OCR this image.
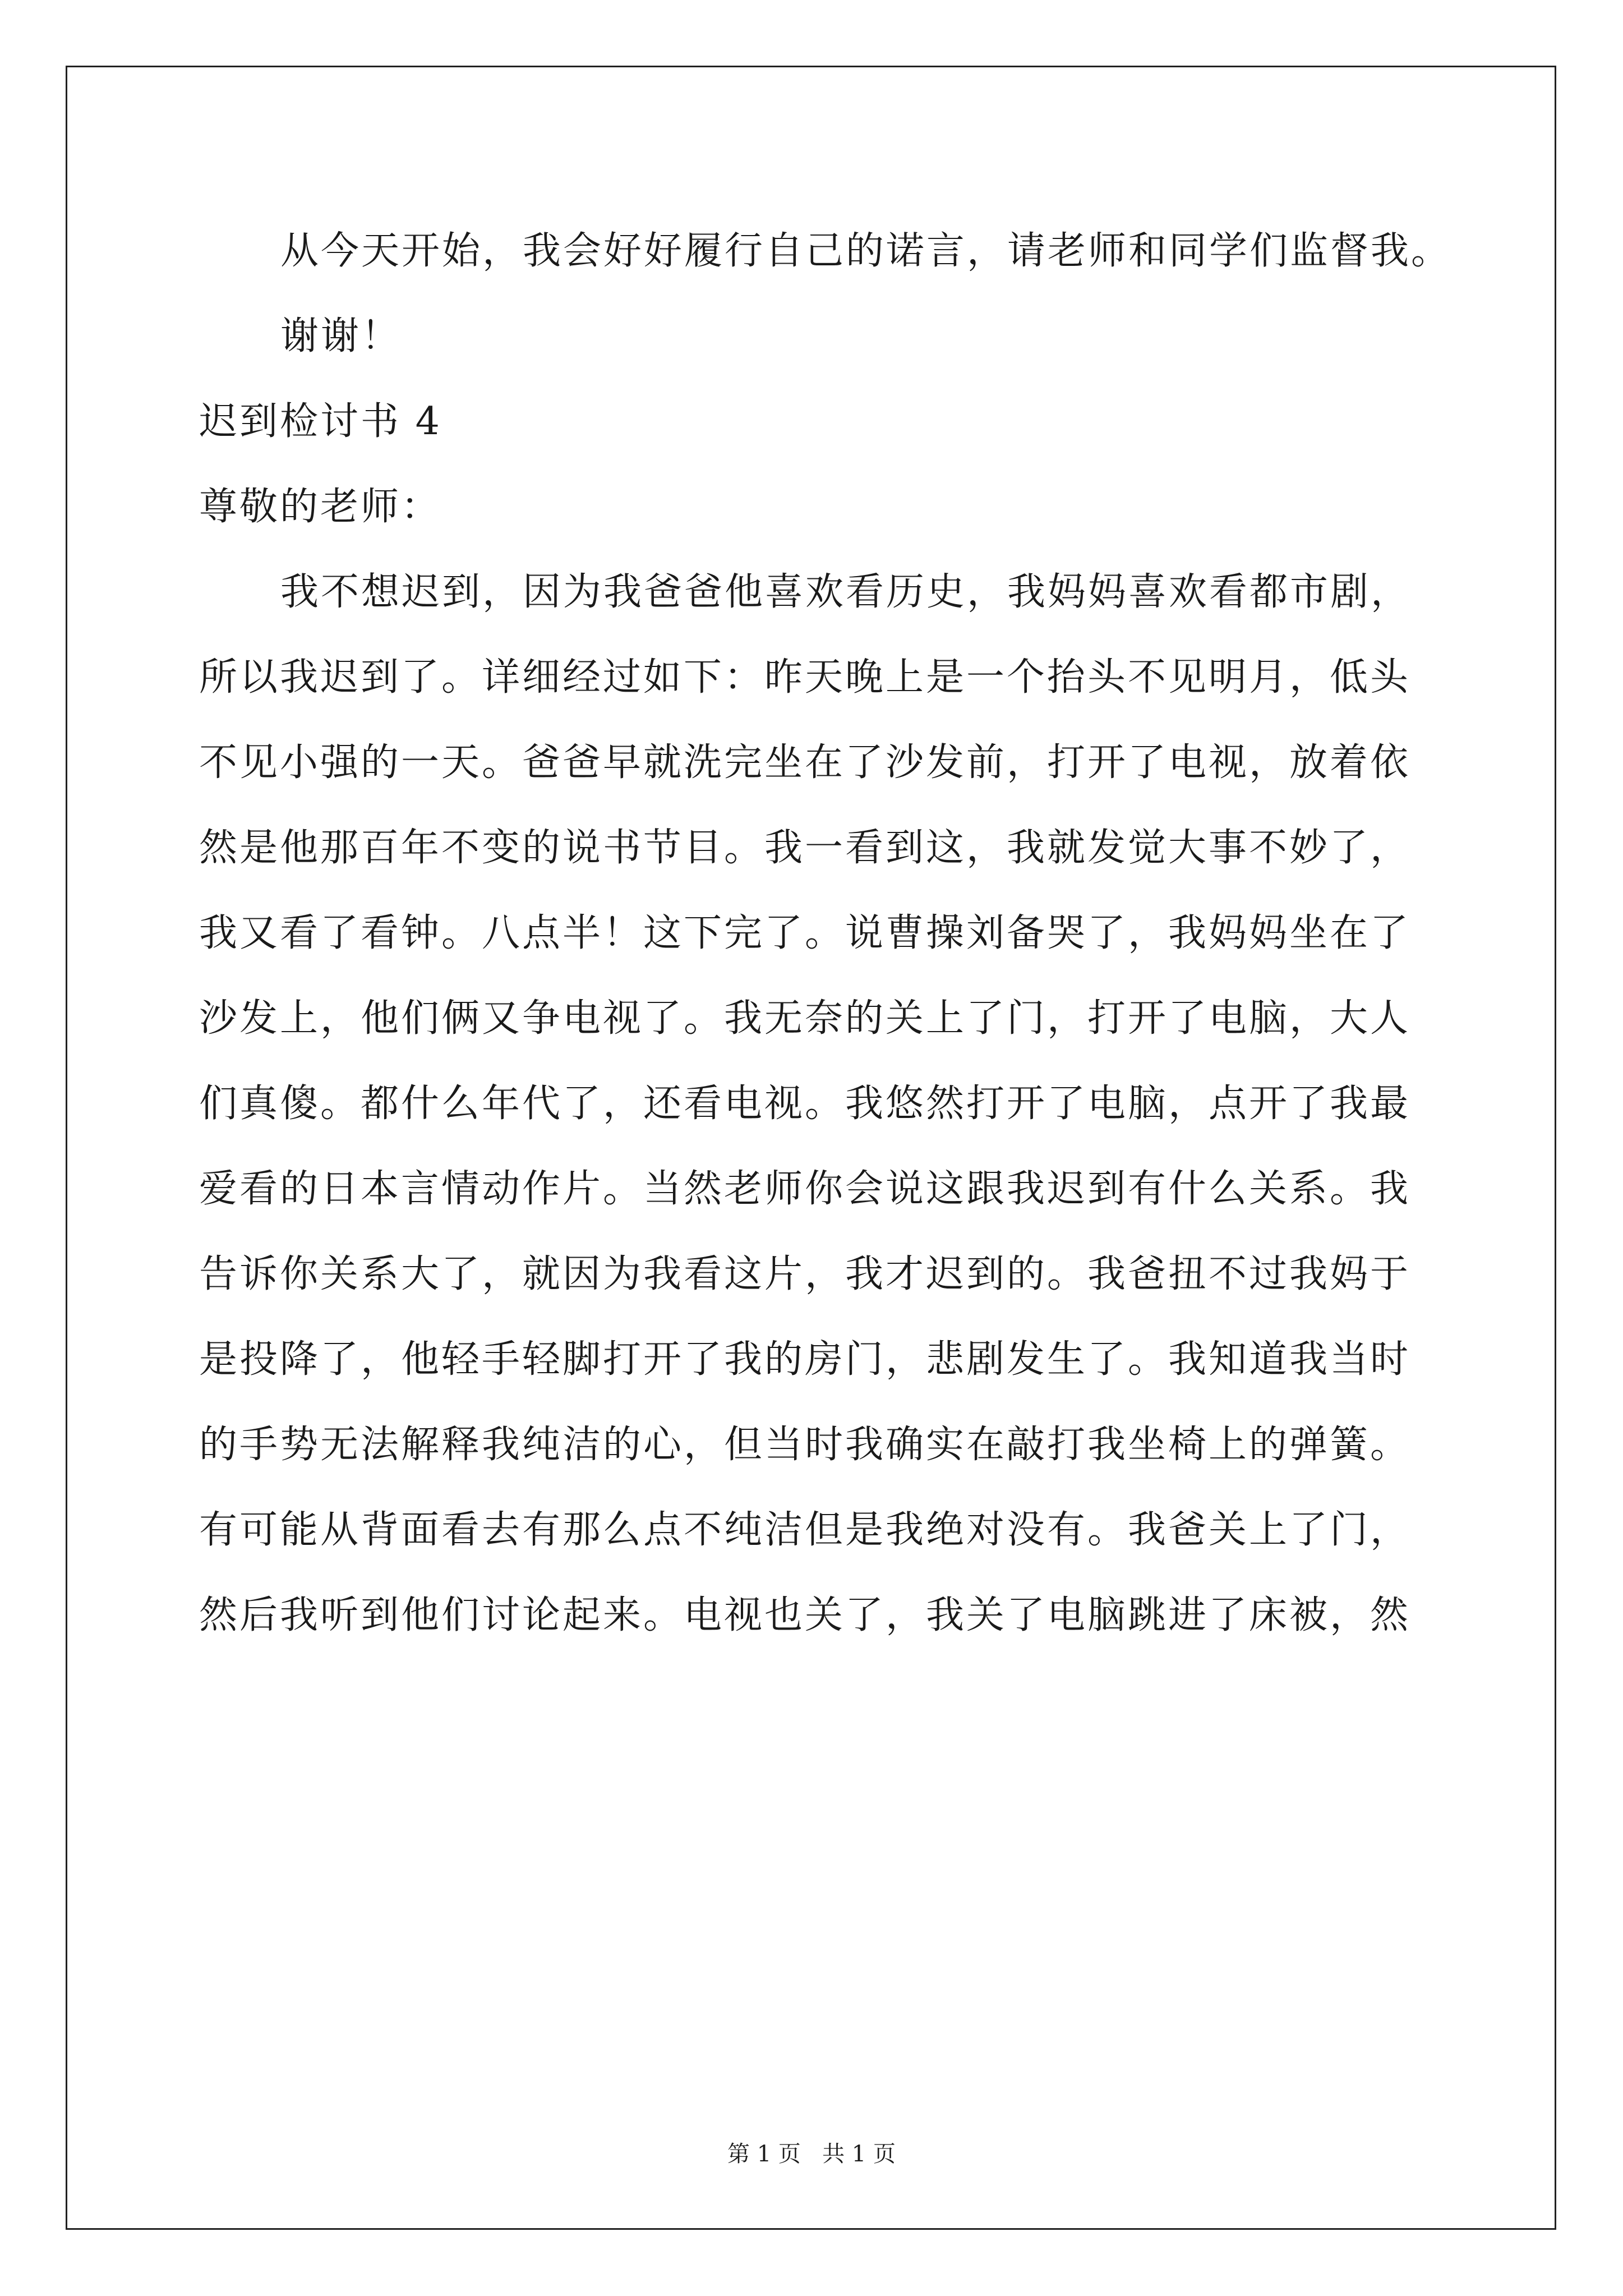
从今天开始，我会好好履行自己的诺言，请老师和同学们监督我。

谢谢！

迟到检讨书 4

尊敬的老师：

我不想迟到，因为我爸爸他喜欢看历史，我妈妈喜欢看都市剧，

所以我迟到了。详细经过如下：昨天晚上是一个抬头不见明月，低头

不见小强的一天。爸爸早就洗完坐在了沙发前，打开了电视，放着依

然是他那百年不变的说书节目。我一看到这，我就发觉大事不妙了，

我又看了看钟。八点半！这下完了。说曹操刘备哭了，我妈妈坐在了

沙发上，他们俩又争电视了。我无奈的关上了门，打开了电脑，大人

们真傻。都什么年代了，还看电视。我悠然打开了电脑，点开了我最

爱看的日本言情动作片。当然老师你会说这跟我迟到有什么关系。我

告诉你关系大了，就因为我看这片，我才迟到的。我爸扭不过我妈于

是投降了，他轻手轻脚打开了我的房门，悲剧发生了。我知道我当时

的手势无法解释我纯洁的心，但当时我确实在敲打我坐椅上的弹簧。

有可能从背面看去有那么点不纯洁但是我绝对没有。我爸关上了门，

然后我听到他们讨论起来。电视也关了，我关了电脑跳进了床被，然

第 1 页   共 1 页
